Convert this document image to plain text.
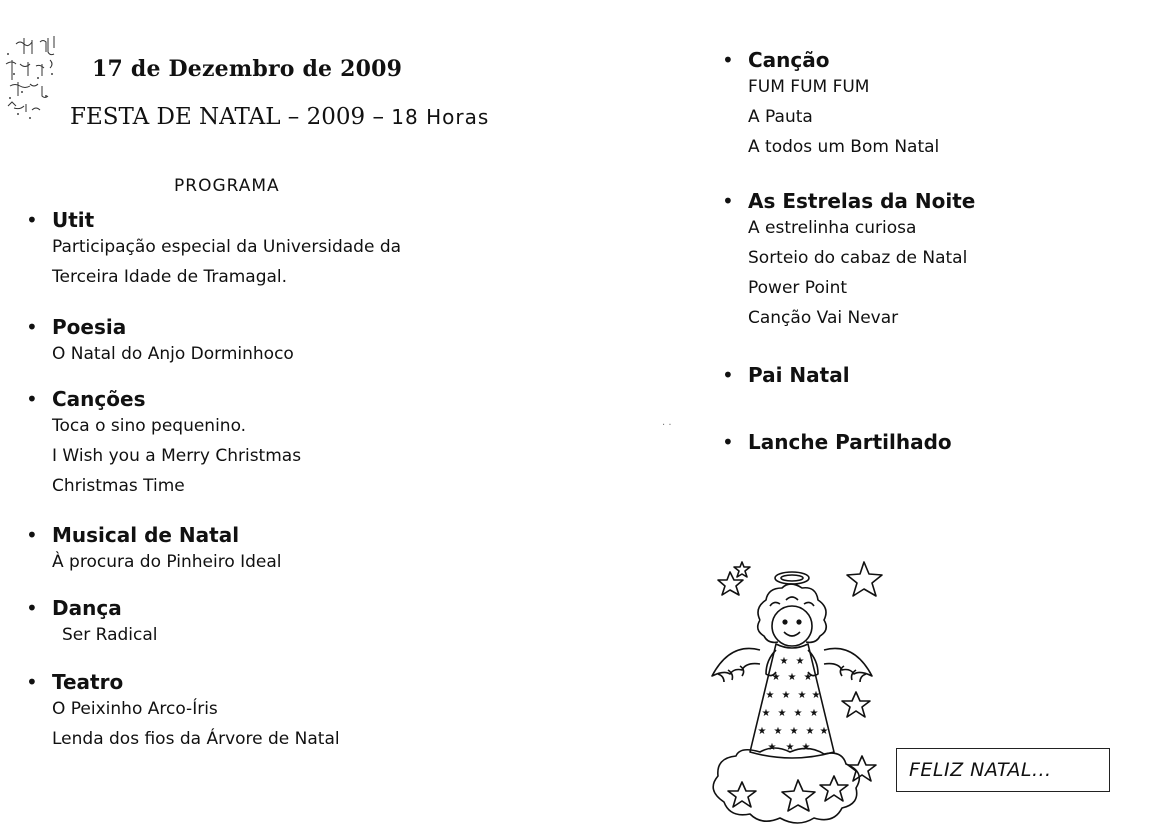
17 de Dezembro de 2009
FESTA DE NATAL – 2009 – 18 Horas
PROGRAMA
• Utit
Participação especial da Universidade da
Terceira Idade de Tramagal.
• Poesia
O Natal do Anjo Dorminhoco
• Canções
Toca o sino pequenino.
I Wish you a Merry Christmas
Christmas Time
• Musical de Natal
À procura do Pinheiro Ideal
• Dança
Ser Radical
• Teatro
O Peixinho Arco-Íris
Lenda dos fios da Árvore de Natal
• Canção
FUM FUM FUM
A Pauta
A todos um Bom Natal
• As Estrelas da Noite
A estrelinha curiosa
Sorteio do cabaz de Natal
Power Point
Canção Vai Nevar
• Pai Natal
• Lanche Partilhado
· ·
★ ★
★ ★ ★
★ ★ ★ ★
★ ★ ★ ★
★ ★ ★ ★ ★
★ ★ ★
FELIZ NATAL...
